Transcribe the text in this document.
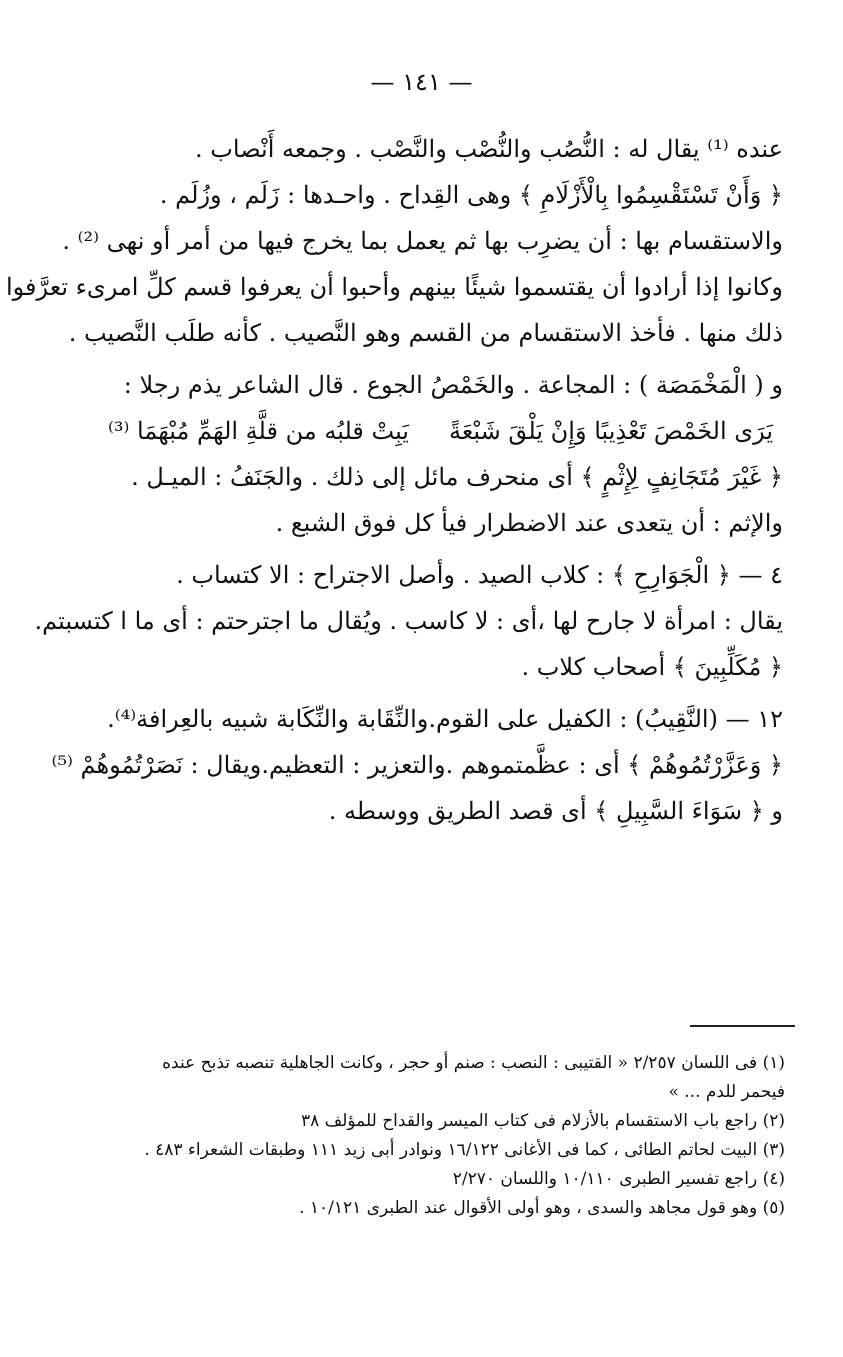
— ١٤١ —
عنده ⁽¹⁾ يقال له : النُّصُب والنُّصْب والنَّصْب . وجمعه أَنْصاب .
﴿ وَأَنْ تَسْتَقْسِمُوا بِالْأَزْلَامِ ﴾ وهى القِداح . واحـدها : زَلَم ، وزُلَم .
والاستقسام بها : أن يضرِب بها ثم يعمل بما يخرج فيها من أمر أو نهى ⁽²⁾ .
وكانوا إذا أرادوا أن يقتسموا شيئًا بينهم وأحبوا أن يعرفوا قسم كلِّ امرىء تعرَّفوا
ذلك منها . فأخذ الاستقسام من القسم وهو النَّصيب . كأنه طلَب النَّصيب .
و ( الْمَخْمَصَة ) : المجاعة . والخَمْصُ الجوع . قال الشاعر يذم رجلا :
يَرَى الخَمْصَ تَعْذِيبًا وَإِنْ يَلْقَ شَبْعَةً
يَبِتْ قلبُه من قلَّةِ الهَمِّ مُبْهَمَا ⁽³⁾
﴿ غَيْرَ مُتَجَانِفٍ لِإِثْمٍ ﴾ أى منحرف مائل إلى ذلك . والجَنَفُ : الميـل .
والإثم : أن يتعدى عند الاضطرار فيأ كل فوق الشبع .
٤ — ﴿ الْجَوَارِحِ ﴾ : كلاب الصيد . وأصل الاجتراح : الا كتساب .
يقال : امرأة لا جارح لها ،أى : لا كاسب . ويُقال ما اجترحتم : أى ما ا كتسبتم.
﴿ مُكَلِّبِينَ ﴾ أصحاب كلاب .
١٢ — (النَّقِيبُ) : الكفيل على القوم.والنِّقَابة والنِّكَابة شبيه بالعِرافة⁽⁴⁾.
﴿ وَعَزَّرْتُمُوهُمْ ﴾ أى : عظَّمتموهم .والتعزير : التعظيم.ويقال : نَصَرْتُمُوهُمْ ⁽⁵⁾
و ﴿ سَوَاءَ السَّبِيلِ ﴾ أى قصد الطريق ووسطه .
(١) فى اللسان ٢/٢٥٧ « القتيبى : النصب : صنم أو حجر ، وكانت الجاهلية تنصبه تذبح عنده
فيحمر للدم ... »
(٢) راجع باب الاستقسام بالأزلام فى كتاب الميسر والقداح للمؤلف ٣٨
(٣) البيت لحاتم الطائى ، كما فى الأغانى ١٦/١٢٢ ونوادر أبى زيد ١١١ وطبقات الشعراء ٤٨٣ .
(٤) راجع تفسير الطبرى ١٠/١١٠ واللسان ٢/٢٧٠
(٥) وهو قول مجاهد والسدى ، وهو أولى الأقوال عند الطبرى ١٠/١٢١ .
